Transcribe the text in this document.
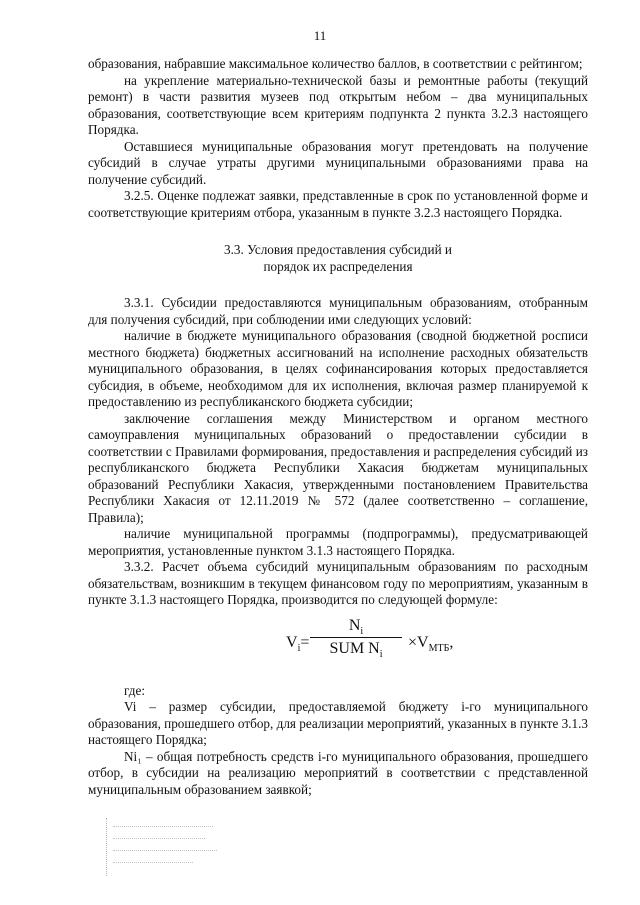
11

образования, набравшие максимальное количество баллов, в соответствии с рейтингом;

на укрепление материально-технической базы и ремонтные работы (текущий ремонт) в части развития музеев под открытым небом – два муниципальных образования, соответствующие всем критериям подпункта 2 пункта 3.2.3 настоящего Порядка.

Оставшиеся муниципальные образования могут претендовать на получение субсидий в случае утраты другими муниципальными образованиями права на получение субсидий.

3.2.5. Оценке подлежат заявки, представленные в срок по установленной форме и соответствующие критериям отбора, указанным в пункте 3.2.3 настоящего Порядка.

3.3. Условия предоставления субсидий и
порядок их распределения

3.3.1. Субсидии предоставляются муниципальным образованиям, отобранным для получения субсидий, при соблюдении ими следующих условий:

наличие в бюджете муниципального образования (сводной бюджетной росписи местного бюджета) бюджетных ассигнований на исполнение расходных обязательств муниципального образования, в целях софинансирования которых предоставляется субсидия, в объеме, необходимом для их исполнения, включая размер планируемой к предоставлению из республиканского бюджета субсидии;

заключение соглашения между Министерством и органом местного самоуправления муниципальных образований о предоставлении субсидии в соответствии с Правилами формирования, предоставления и распределения субсидий из республиканского бюджета Республики Хакасия бюджетам муниципальных образований Республики Хакасия, утвержденными постановлением Правительства Республики Хакасия от 12.11.2019 № 572 (далее соответственно – соглашение, Правила);

наличие муниципальной программы (подпрограммы), предусматривающей мероприятия, установленные пунктом 3.1.3 настоящего Порядка.

3.3.2. Расчет объема субсидий муниципальным образованиям по расходным обязательствам, возникшим в текущем финансовом году по мероприятиям, указанным в пункте 3.1.3 настоящего Порядка, производится по следующей формуле:

$V_i=$
$N_i$
SUM $N_i$
$\times V_{МТБ}$,

где:

Vi – размер субсидии, предоставляемой бюджету i-го муниципального образования, прошедшего отбор, для реализации мероприятий, указанных в пункте 3.1.3 настоящего Порядка;

Ni₁ – общая потребность средств i-го муниципального образования, прошедшего отбор, в субсидии на реализацию мероприятий в соответствии с представленной муниципальным образованием заявкой;
